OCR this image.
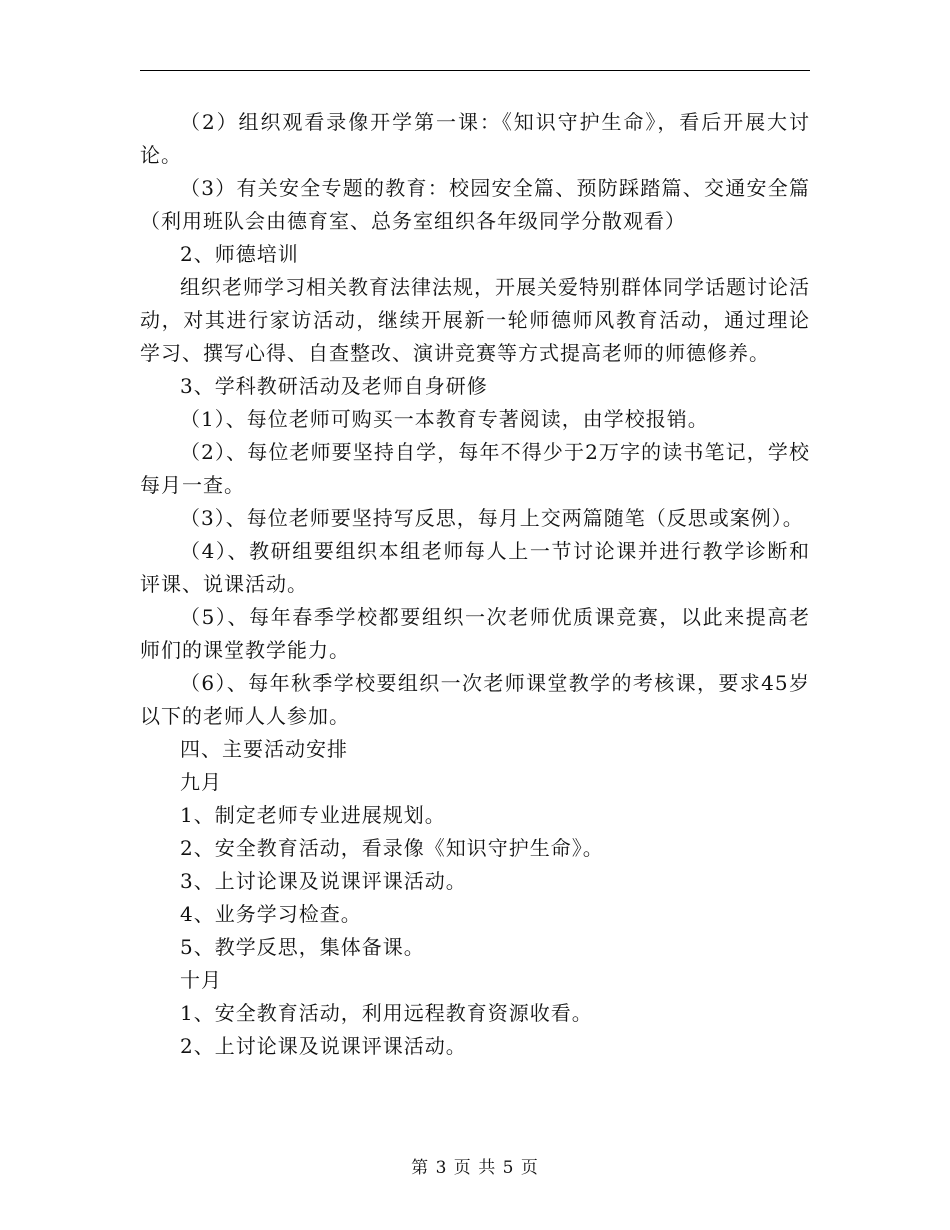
（2）组织观看录像开学第一课：《知识守护生命》，看后开展大讨论。

（3）有关安全专题的教育：校园安全篇、预防踩踏篇、交通安全篇（利用班队会由德育室、总务室组织各年级同学分散观看）

2、师德培训

组织老师学习相关教育法律法规，开展关爱特别群体同学话题讨论活动，对其进行家访活动，继续开展新一轮师德师风教育活动，通过理论学习、撰写心得、自查整改、演讲竞赛等方式提高老师的师德修养。

3、学科教研活动及老师自身研修

（1）、每位老师可购买一本教育专著阅读，由学校报销。

（2）、每位老师要坚持自学，每年不得少于2万字的读书笔记，学校每月一查。

（3）、每位老师要坚持写反思，每月上交两篇随笔（反思或案例）。

（4）、教研组要组织本组老师每人上一节讨论课并进行教学诊断和评课、说课活动。

（5）、每年春季学校都要组织一次老师优质课竞赛，以此来提高老师们的课堂教学能力。

（6）、每年秋季学校要组织一次老师课堂教学的考核课，要求45岁以下的老师人人参加。

四、主要活动安排

九月

1、制定老师专业进展规划。

2、安全教育活动，看录像《知识守护生命》。

3、上讨论课及说课评课活动。

4、业务学习检查。

5、教学反思，集体备课。

十月

1、安全教育活动，利用远程教育资源收看。

2、上讨论课及说课评课活动。

第 3 页 共 5 页
